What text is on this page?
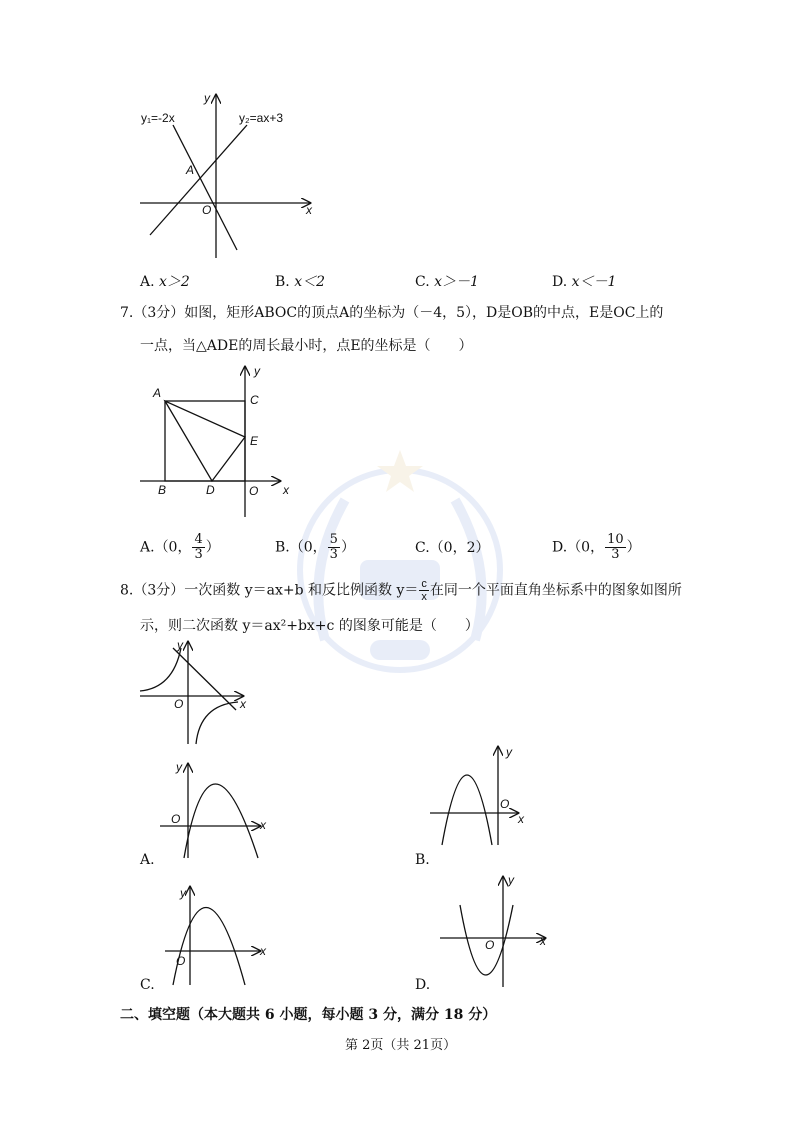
y₁=-2x	y₂=ax+3
A
O	x
y
A. x＞2	B. x＜2	C. x＞－1	D. x＜－1
7.（3分）如图，矩形ABOC的顶点A的坐标为（－4，5），D是OB的中点，E是OC上的
一点，当△ADE的周长最小时，点E的坐标是（　　）
A	C
E
B	D	O x
y
A.（0， $\frac{4}{3}$ ）	B.（0， $\frac{5}{3}$ ）	C.（0，2）	D.（0， $\frac{10}{3}$ ）
8.（3分）一次函数 y＝ax+b 和反比例函数 $y= \frac{c}{x}$ 在同一个平面直角坐标系中的图象如图所
示，则二次函数 y＝ax²+bx+c 的图象可能是（　　）
y
O	x
y
O	x
A.
y
O
x
B.
y
O
x
C.
y
O	x
D.
二、填空题（本大题共 6 小题，每小题 3 分，满分 18 分）
第 2页（共 21页）
